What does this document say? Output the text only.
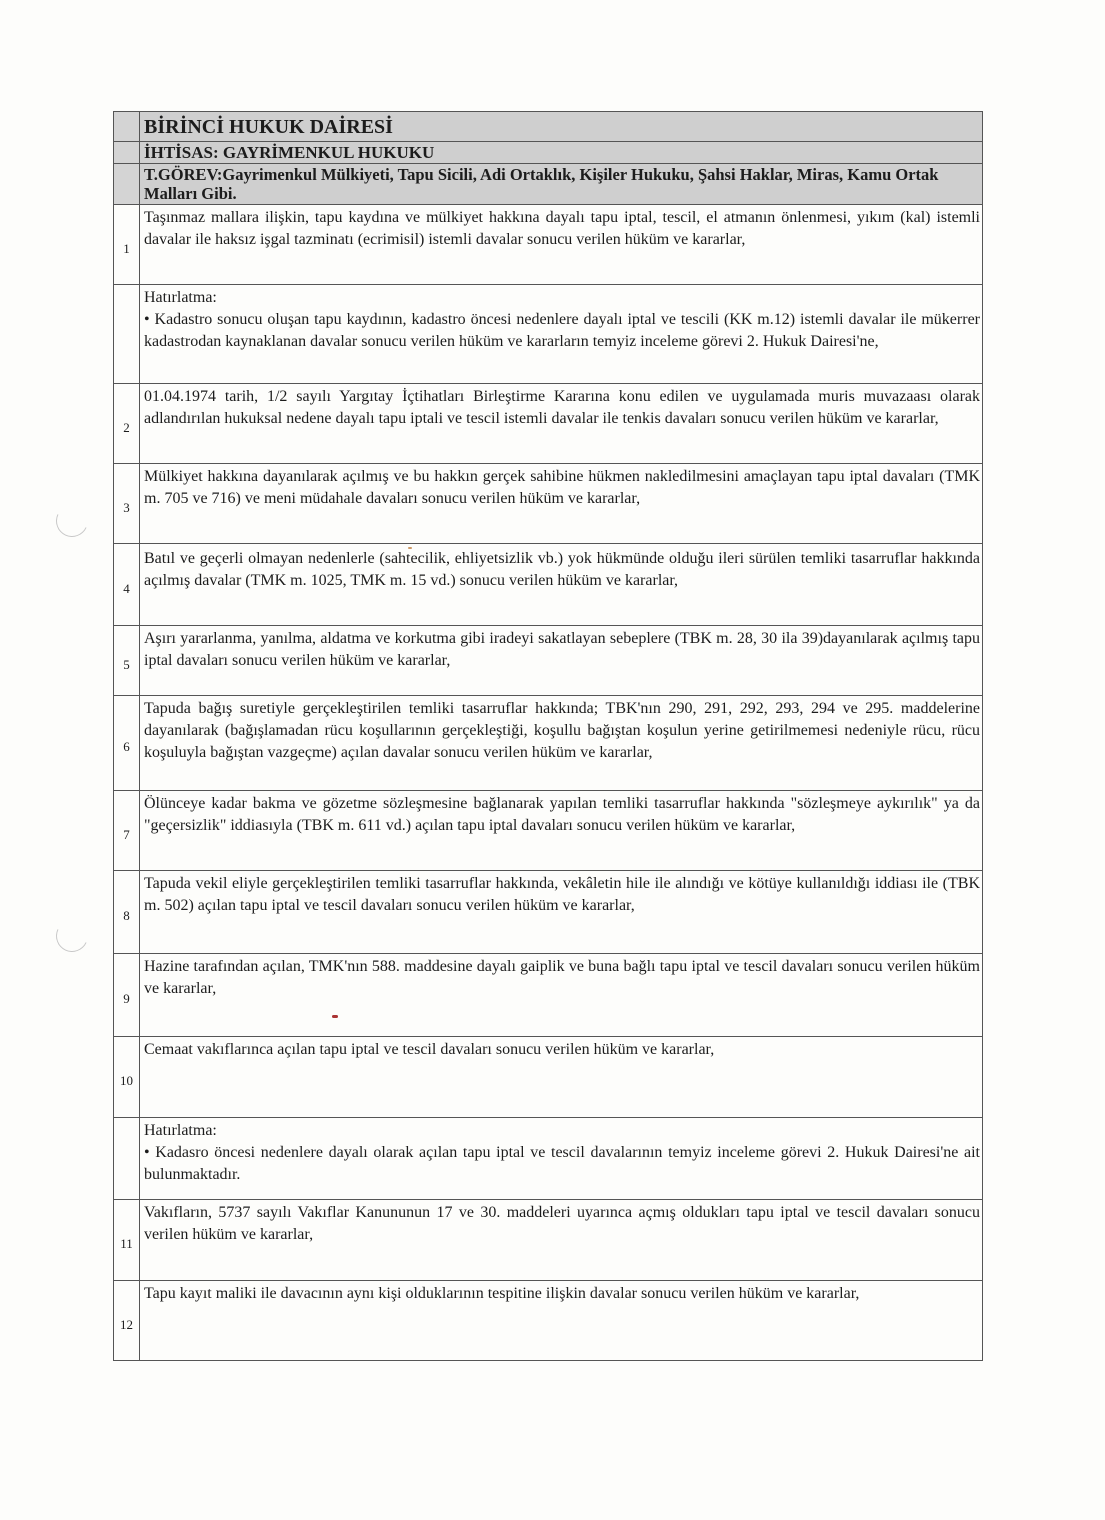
	BİRİNCİ HUKUK DAİRESİ
	İHTİSAS: GAYRİMENKUL HUKUKU
	T.GÖREV:Gayrimenkul Mülkiyeti, Tapu Sicili, Adi Ortaklık, Kişiler Hukuku, Şahsi Haklar, Miras, Kamu Ortak Malları Gibi.
1	Taşınmaz mallara ilişkin, tapu kaydına ve mülkiyet hakkına dayalı tapu iptal, tescil, el atmanın önlenmesi, yıkım (kal) istemli davalar ile haksız işgal tazminatı (ecrimisil) istemli davalar sonucu verilen hüküm ve kararlar,

	Hatırlatma:
• Kadastro sonucu oluşan tapu kaydının, kadastro öncesi nedenlere dayalı iptal ve tescili (KK m.12) istemli davalar ile mükerrer kadastrodan kaynaklanan davalar sonucu verilen hüküm ve kararların temyiz inceleme görevi 2. Hukuk Dairesi'ne,

2	01.04.1974 tarih, 1/2 sayılı Yargıtay İçtihatları Birleştirme Kararına konu edilen ve uygulamada muris muvazaası olarak adlandırılan hukuksal nedene dayalı tapu iptali ve tescil istemli davalar ile tenkis davaları sonucu verilen hüküm ve kararlar,
3	Mülkiyet hakkına dayanılarak açılmış ve bu hakkın gerçek sahibine hükmen nakledilmesini amaçlayan tapu iptal davaları (TMK m. 705 ve 716) ve meni müdahale davaları sonucu verilen hüküm ve kararlar,
4	Batıl ve geçerli olmayan nedenlerle (sahtecilik, ehliyetsizlik vb.) yok hükmünde olduğu ileri sürülen temliki tasarruflar hakkında açılmış davalar (TMK m. 1025, TMK m. 15 vd.) sonucu verilen hüküm ve kararlar,
5	Aşırı yararlanma, yanılma, aldatma ve korkutma gibi iradeyi sakatlayan sebeplere (TBK m. 28, 30 ila 39)dayanılarak açılmış tapu iptal davaları sonucu verilen hüküm ve kararlar,
6	Tapuda bağış suretiyle gerçekleştirilen temliki tasarruflar hakkında; TBK'nın 290, 291, 292, 293, 294 ve 295. maddelerine dayanılarak (bağışlamadan rücu koşullarının gerçekleştiği, koşullu bağıştan koşulun yerine getirilmemesi nedeniyle rücu, rücu koşuluyla bağıştan vazgeçme) açılan davalar sonucu verilen hüküm ve kararlar,
7	Ölünceye kadar bakma ve gözetme sözleşmesine bağlanarak yapılan temliki tasarruflar hakkında "sözleşmeye aykırılık" ya da "geçersizlik" iddiasıyla (TBK m. 611 vd.) açılan tapu iptal davaları sonucu verilen hüküm ve kararlar,
8	Tapuda vekil eliyle gerçekleştirilen temliki tasarruflar hakkında, vekâletin hile ile alındığı ve kötüye kullanıldığı iddiası ile (TBK m. 502) açılan tapu iptal ve tescil davaları sonucu verilen hüküm ve kararlar,
9	Hazine tarafından açılan, TMK'nın 588. maddesine dayalı gaiplik ve buna bağlı tapu iptal ve tescil davaları sonucu verilen hüküm ve kararlar,
10	Cemaat vakıflarınca açılan tapu iptal ve tescil davaları sonucu verilen hüküm ve kararlar,

	Hatırlatma:
• Kadasro öncesi nedenlere dayalı olarak açılan tapu iptal ve tescil davalarının temyiz inceleme görevi 2. Hukuk Dairesi'ne ait bulunmaktadır.

11	Vakıfların, 5737 sayılı Vakıflar Kanununun 17 ve 30. maddeleri uyarınca açmış oldukları tapu iptal ve tescil davaları sonucu verilen hüküm ve kararlar,
12	Tapu kayıt maliki ile davacının aynı kişi olduklarının tespitine ilişkin davalar sonucu verilen hüküm ve kararlar,
